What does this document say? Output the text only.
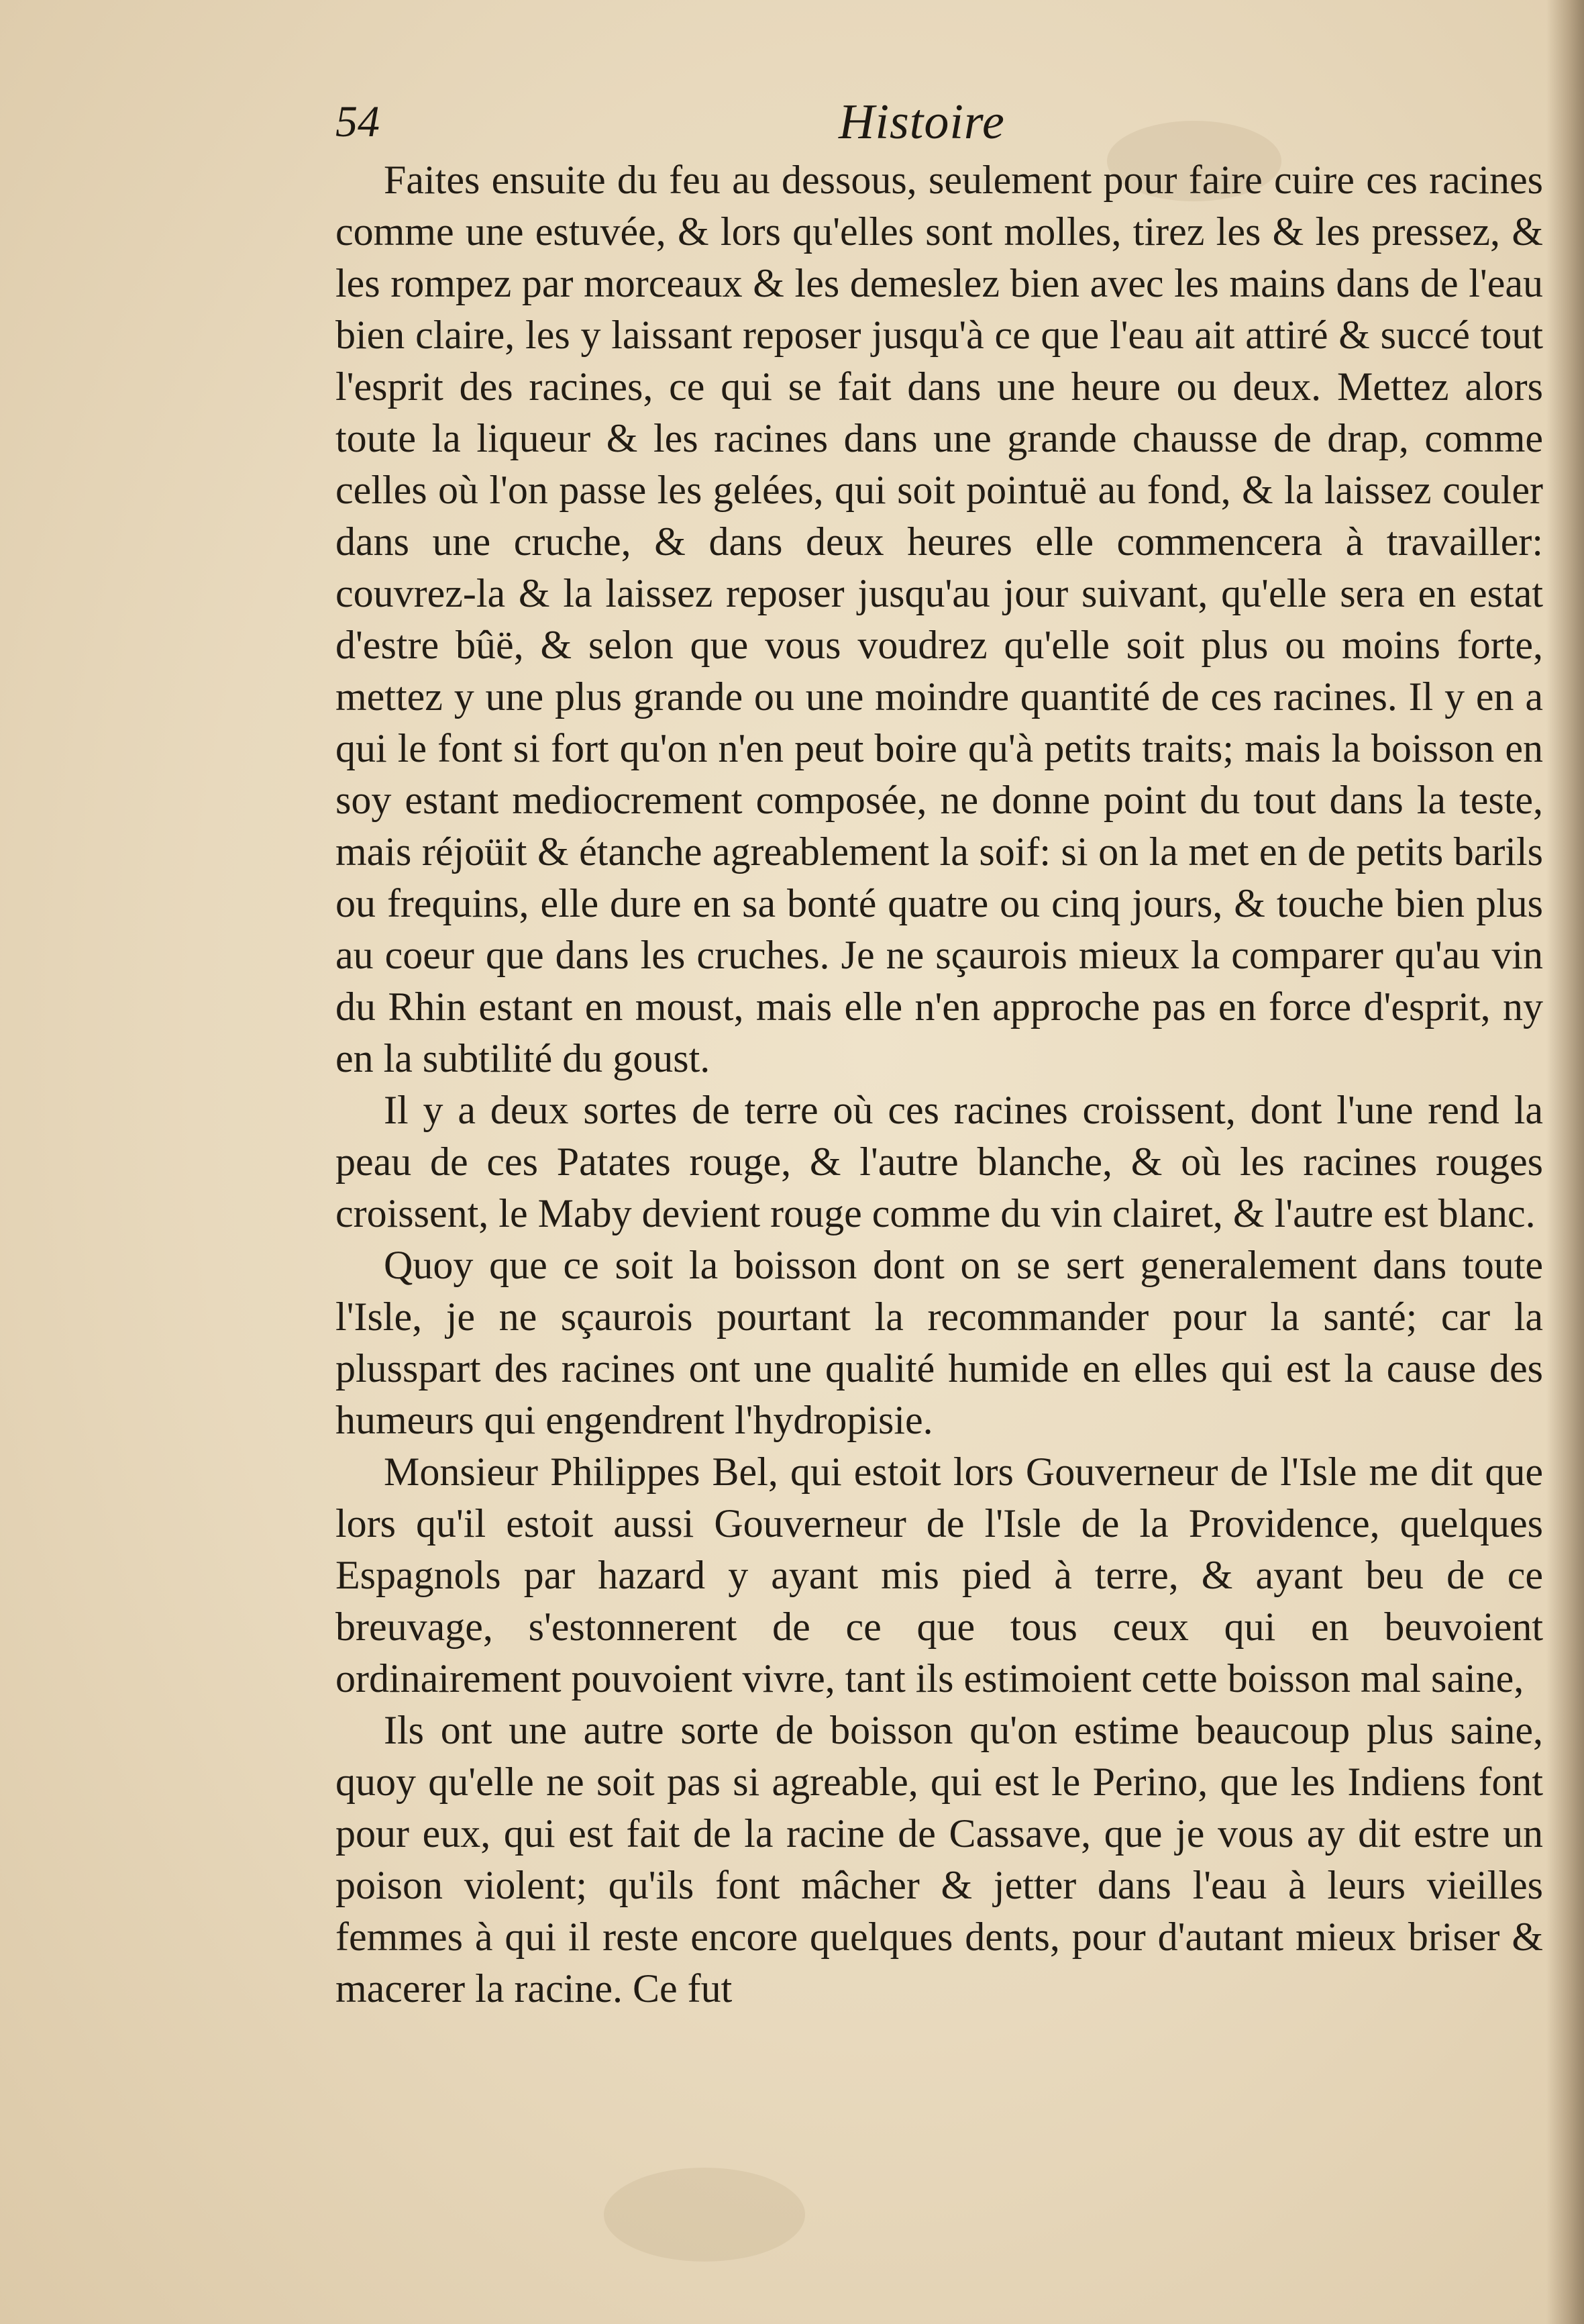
54	Histoire

Faites ensuite du feu au dessous, seulement pour faire cuire ces racines comme une estuvée, & lors qu'elles sont molles, tirez les & les pressez, & les rompez par morceaux & les demeslez bien avec les mains dans de l'eau bien claire, les y laissant reposer jusqu'à ce que l'eau ait attiré & succé tout l'esprit des racines, ce qui se fait dans une heure ou deux. Mettez alors toute la liqueur & les racines dans une grande chausse de drap, comme celles où l'on passe les gelées, qui soit pointuë au fond, & la laissez couler dans une cruche, & dans deux heures elle commencera à travailler: couvrez-la & la laissez reposer jusqu'au jour suivant, qu'elle sera en estat d'estre bûë, & selon que vous voudrez qu'elle soit plus ou moins forte, mettez y une plus grande ou une moindre quantité de ces racines. Il y en a qui le font si fort qu'on n'en peut boire qu'à petits traits; mais la boisson en soy estant mediocrement composée, ne donne point du tout dans la teste, mais réjoüit & étanche agreablement la soif: si on la met en de petits barils ou frequins, elle dure en sa bonté quatre ou cinq jours, & touche bien plus au coeur que dans les cruches. Je ne sçaurois mieux la comparer qu'au vin du Rhin estant en moust, mais elle n'en approche pas en force d'esprit, ny en la subtilité du goust.

Il y a deux sortes de terre où ces racines croissent, dont l'une rend la peau de ces Patates rouge, & l'autre blanche, & où les racines rouges croissent, le Maby devient rouge comme du vin clairet, & l'autre est blanc.

Quoy que ce soit la boisson dont on se sert generalement dans toute l'Isle, je ne sçaurois pourtant la recommander pour la santé; car la plusspart des racines ont une qualité humide en elles qui est la cause des humeurs qui engendrent l'hydropisie.

Monsieur Philippes Bel, qui estoit lors Gouverneur de l'Isle me dit que lors qu'il estoit aussi Gouverneur de l'Isle de la Providence, quelques Espagnols par hazard y ayant mis pied à terre, & ayant beu de ce breuvage, s'estonnerent de ce que tous ceux qui en beuvoient ordinairement pouvoient vivre, tant ils estimoient cette boisson mal saine,

Ils ont une autre sorte de boisson qu'on estime beaucoup plus saine, quoy qu'elle ne soit pas si agreable, qui est le Perino, que les Indiens font pour eux, qui est fait de la racine de Cassave, que je vous ay dit estre un poison violent; qu'ils font mâcher & jetter dans l'eau à leurs vieilles femmes à qui il reste encore quelques dents, pour d'autant mieux briser & macerer la racine. Ce fut
